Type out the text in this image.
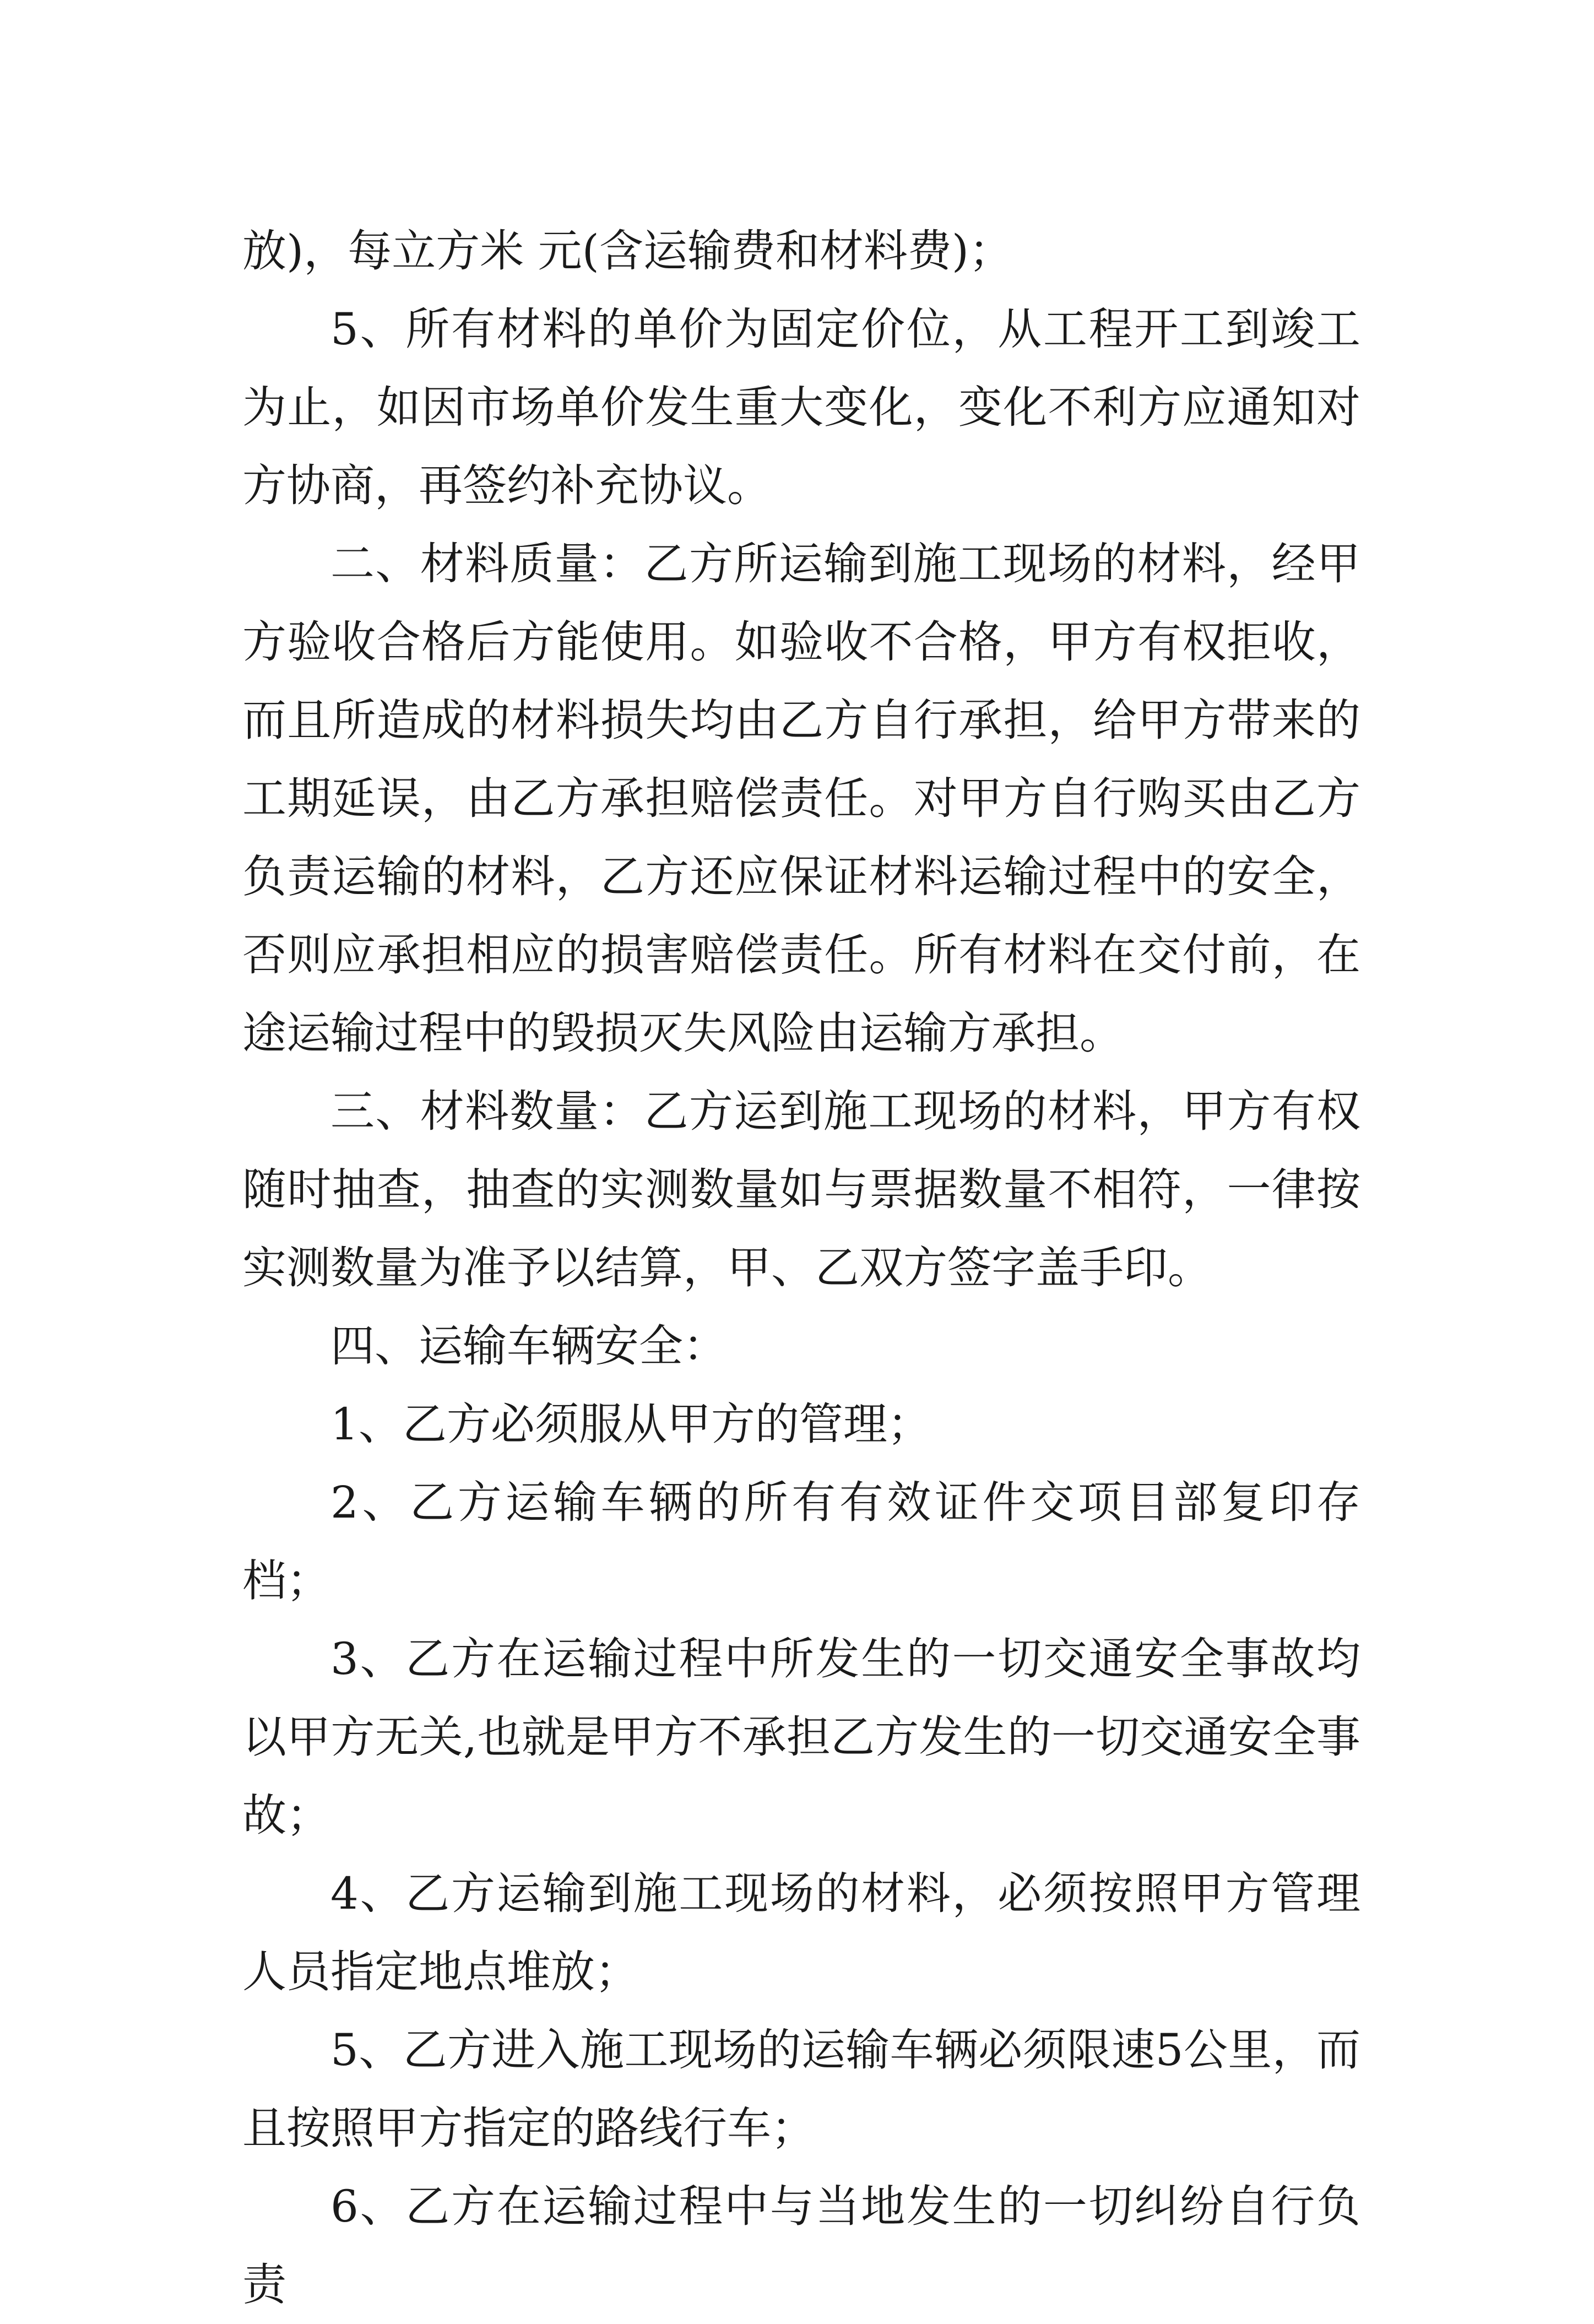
放)，每立方米 元(含运输费和材料费)；

5、所有材料的单价为固定价位，从工程开工到竣工为止，如因市场单价发生重大变化，变化不利方应通知对方协商，再签约补充协议。

二、材料质量：乙方所运输到施工现场的材料，经甲方验收合格后方能使用。如验收不合格，甲方有权拒收，而且所造成的材料损失均由乙方自行承担，给甲方带来的工期延误，由乙方承担赔偿责任。对甲方自行购买由乙方负责运输的材料，乙方还应保证材料运输过程中的安全，否则应承担相应的损害赔偿责任。所有材料在交付前，在途运输过程中的毁损灭失风险由运输方承担。

三、材料数量：乙方运到施工现场的材料，甲方有权随时抽查，抽查的实测数量如与票据数量不相符，一律按实测数量为准予以结算，甲、乙双方签字盖手印。

四、运输车辆安全：

1、乙方必须服从甲方的管理；

2、乙方运输车辆的所有有效证件交项目部复印存档；

3、乙方在运输过程中所发生的一切交通安全事故均以甲方无关,也就是甲方不承担乙方发生的一切交通安全事故；

4、乙方运输到施工现场的材料，必须按照甲方管理人员指定地点堆放；

5、乙方进入施工现场的运输车辆必须限速5公里，而且按照甲方指定的路线行车；

6、乙方在运输过程中与当地发生的一切纠纷自行负责
